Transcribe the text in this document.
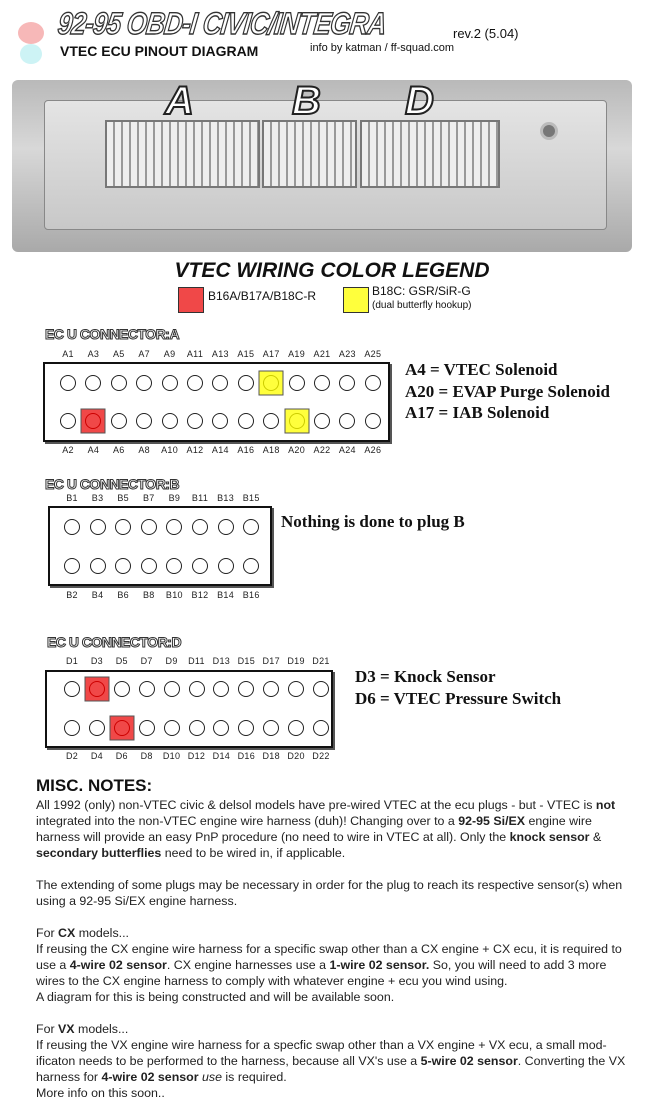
92-95 OBD-I CIVIC/INTEGRA	rev.2 (5.04)
VTEC ECU PINOUT DIAGRAM	info by katman / ff-squad.com
A B D
VTEC WIRING COLOR LEGEND
B16A/B17A/B18C-R	B18C: GSR/SiR-G
(dual butterfly hookup)
EC U CONNECTOR:A
A1 A3 A5 A7 A9 A11 A13 A15 A17 A19 A21 A23 A25
A2 A4 A6 A8 A10 A12 A14 A16 A18 A20 A22 A24 A26
A4 = VTEC Solenoid
A20 = EVAP Purge Solenoid
A17 = IAB Solenoid
EC U CONNECTOR:B
B1 B3 B5 B7 B9 B11 B13 B15
B2 B4 B6 B8 B10 B12 B14 B16
Nothing is done to plug B
EC U CONNECTOR:D
D1 D3 D5 D7 D9 D11 D13 D15 D17 D19 D21
D2 D4 D6 D8 D10 D12 D14 D16 D18 D20 D22
D3 = Knock Sensor
D6 = VTEC Pressure Switch
MISC. NOTES:

All 1992 (only) non-VTEC civic & delsol models have pre-wired VTEC at the ecu plugs - but - VTEC is not integrated into the non-VTEC engine wire harness (duh)! Changing over to a 92-95 Si/EX engine wire harness will provide an easy PnP procedure (no need to wire in VTEC at all). Only the knock sensor & secondary butterflies need to be wired in, if applicable.

The extending of some plugs may be necessary in order for the plug to reach its respective sensor(s) when using a 92-95 Si/EX engine harness.

For CX models...
If reusing the CX engine wire harness for a specific swap other than a CX engine + CX ecu, it is required to use a 4-wire 02 sensor. CX engine harnesses use a 1-wire 02 sensor. So, you will need to add 3 more wires to the CX engine harness to comply with whatever engine + ecu you wind using.
A diagram for this is being constructed and will be available soon.

For VX models...
If reusing the VX engine wire harness for a specfic swap other than a VX engine + VX ecu, a small mod-ificaton needs to be performed to the harness, because all VX's use a 5-wire 02 sensor. Converting the VX harness for 4-wire 02 sensor use is required.
More info on this soon..
